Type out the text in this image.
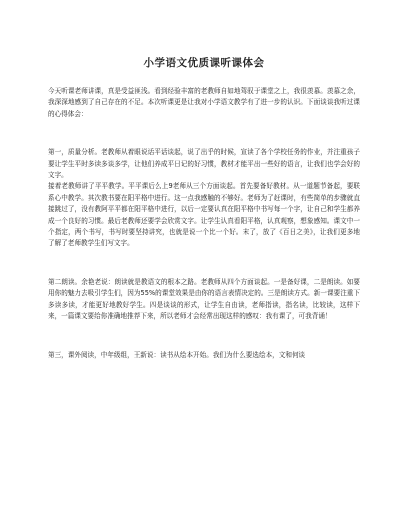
小学语文优质课听课体会

今天听课老师讲课，真是受益匪浅。看到经验丰富的老教师自如地驾驭于课堂之上，我很羡慕。羡慕之余，我深深地感到了自己存在的不足。本次听课更是让我对小学语文教学有了进一步的认识。下面谈谈我听过课的心得体会：

第一，质量分析。老教师从着眼说话平话谈起，说了出乎的时候，宣读了各个学校任务的作业，并注重孩子要让学生平时多读多谈多学，让他们养成平日记的好习惯，教材才能平出一些好的语言，让我们也学会好的文字。

接着老教师讲了平平教学。平平课后么上9老师从三个方面谈起。首先要备好教材。从一道题节备起，要联系心中教学。其次教书要在阳平格中进行。这一点我感触的不够好。老师为了赶课时，有些简单的步骤就直接跳过了，没有教阿平平都在阳平格中进行，以后一定要认真在阳平格中书写每一个字，让自己和学生都养成一个良好的习惯。最后老教师还要学会欣赏文字。让学生认真看阳平格，认真观察，想象感知。课文中一个指定，两个书写，书写时要坚持讲究，也就是说一个比一个好。末了，放了《百日之美》，让我们更多地了解了老师教学生们写文字。

第二朗读。余艳老说：朗读就是教语文的根本之路。老教师从四个方面谈起。一是备好课，二是朗读。如要用你的魅力去吸引学生们，因为55%的课堂效果是由你的语言表情决定的。三是朗读方式。新一课要注重下多读多读，才能更好地教好学生。四是谈谈的形式，让学生自由读，老师指读，指名读，比较读，这样下来，一篇课文要给你准确地推荐下来，所以老师才会经常出现这样的感叹：我有课了，可我背诵！

第三，课外阅读，中年级组，王新说：读书从绘本开始。我们为什么要选绘本，文和何谈
